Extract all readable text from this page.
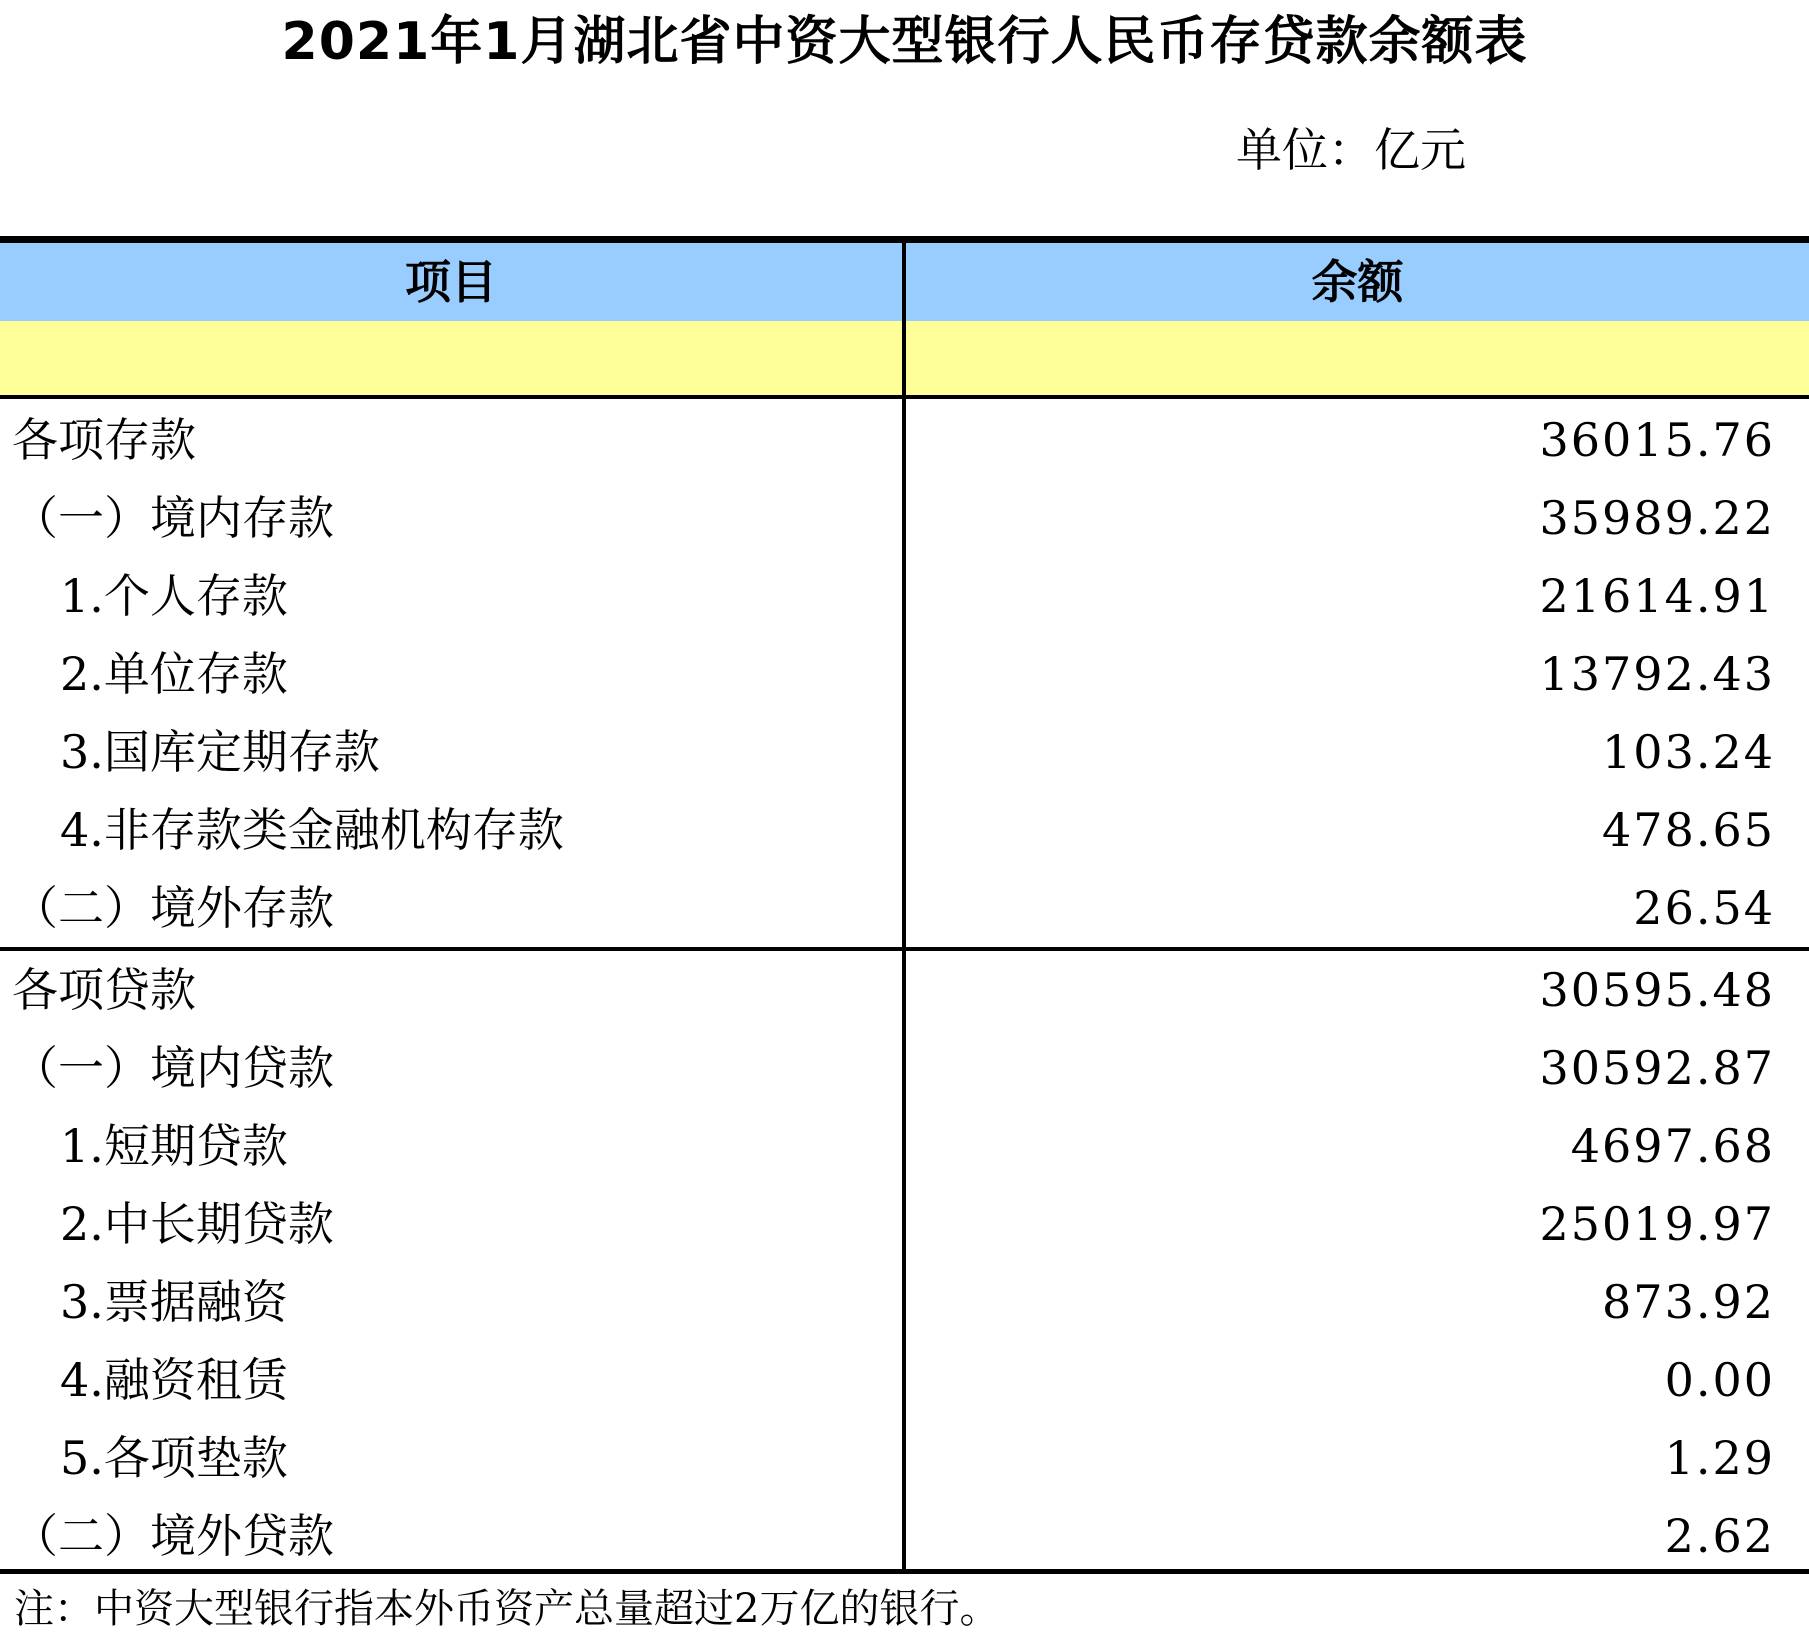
2021年1月湖北省中资大型银行人民币存贷款余额表
单位：亿元
项目	余额
各项存款	36015.76
（一）境内存款	35989.22
1.个人存款	21614.91
2.单位存款	13792.43
3.国库定期存款	103.24
4.非存款类金融机构存款	478.65
（二）境外存款	26.54
各项贷款	30595.48
（一）境内贷款	30592.87
1.短期贷款	4697.68
2.中长期贷款	25019.97
3.票据融资	873.92
4.融资租赁	0.00
5.各项垫款	1.29
（二）境外贷款	2.62
注：中资大型银行指本外币资产总量超过2万亿的银行。
